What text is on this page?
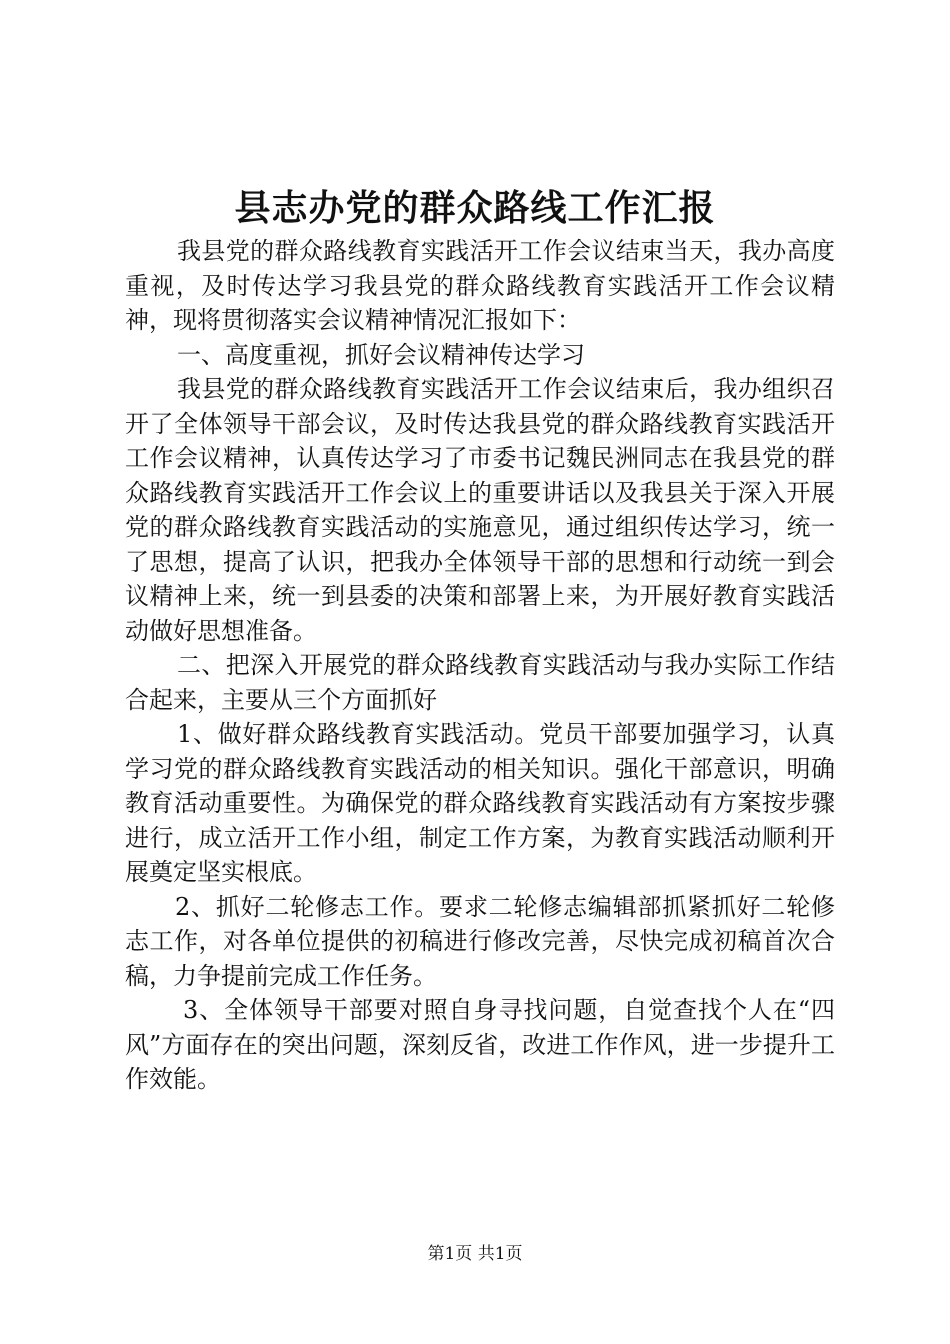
县志办党的群众路线工作汇报

我县党的群众路线教育实践活开工作会议结束当天，我办高度重视，及时传达学习我县党的群众路线教育实践活开工作会议精神，现将贯彻落实会议精神情况汇报如下：

一、高度重视，抓好会议精神传达学习

我县党的群众路线教育实践活开工作会议结束后，我办组织召开了全体领导干部会议，及时传达我县党的群众路线教育实践活开工作会议精神，认真传达学习了市委书记魏民洲同志在我县党的群众路线教育实践活开工作会议上的重要讲话以及我县关于深入开展党的群众路线教育实践活动的实施意见，通过组织传达学习，统一了思想，提高了认识，把我办全体领导干部的思想和行动统一到会议精神上来，统一到县委的决策和部署上来，为开展好教育实践活动做好思想准备。

二、把深入开展党的群众路线教育实践活动与我办实际工作结合起来，主要从三个方面抓好

1、做好群众路线教育实践活动。党员干部要加强学习，认真学习党的群众路线教育实践活动的相关知识。强化干部意识，明确教育活动重要性。为确保党的群众路线教育实践活动有方案按步骤进行，成立活开工作小组，制定工作方案，为教育实践活动顺利开展奠定坚实根底。

2、抓好二轮修志工作。要求二轮修志编辑部抓紧抓好二轮修志工作，对各单位提供的初稿进行修改完善，尽快完成初稿首次合稿，力争提前完成工作任务。

3、全体领导干部要对照自身寻找问题，自觉查找个人在“四风”方面存在的突出问题，深刻反省，改进工作作风，进一步提升工作效能。

第1页 共1页
